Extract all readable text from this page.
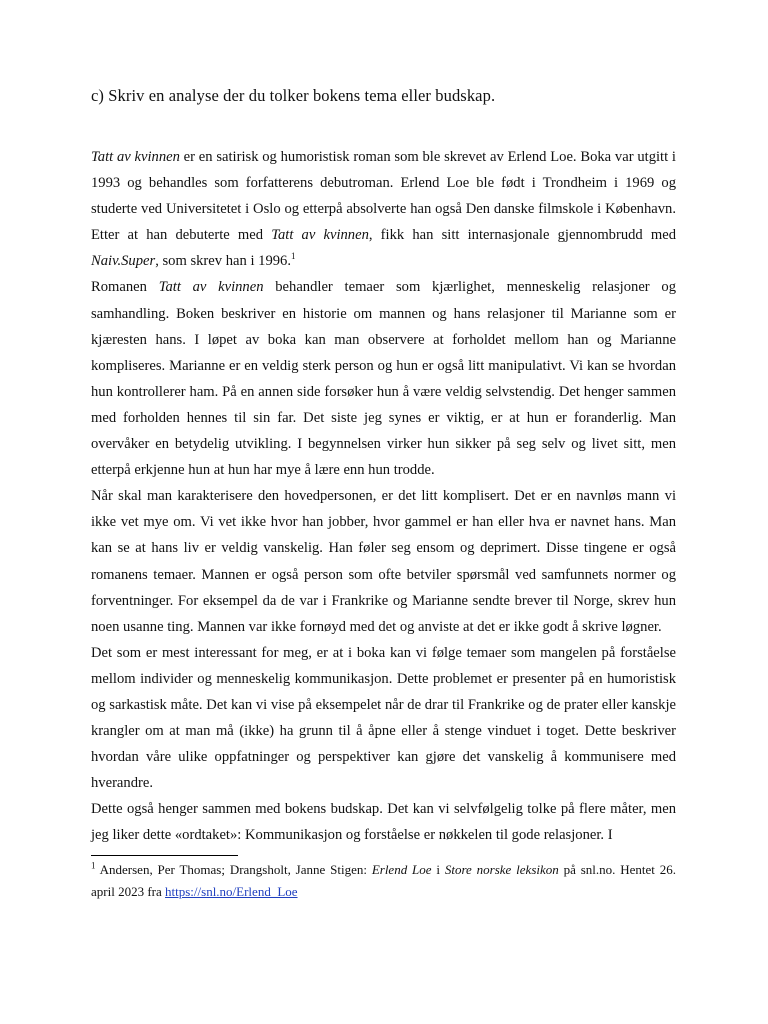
c) Skriv en analyse der du tolker bokens tema eller budskap.

Tatt av kvinnen er en satirisk og humoristisk roman som ble skrevet av Erlend Loe. Boka var utgitt i 1993 og behandles som forfatterens debutroman. Erlend Loe ble født i Trondheim i 1969 og studerte ved Universitetet i Oslo og etterpå absolverte han også Den danske filmskole i København. Etter at han debuterte med Tatt av kvinnen, fikk han sitt internasjonale gjennombrudd med Naiv.Super, som skrev han i 1996.$^1$

Romanen Tatt av kvinnen behandler temaer som kjærlighet, menneskelig relasjoner og samhandling. Boken beskriver en historie om mannen og hans relasjoner til Marianne som er kjæresten hans. I løpet av boka kan man observere at forholdet mellom han og Marianne kompliseres. Marianne er en veldig sterk person og hun er også litt manipulativt. Vi kan se hvordan hun kontrollerer ham. På en annen side forsøker hun å være veldig selvstendig. Det henger sammen med forholden hennes til sin far. Det siste jeg synes er viktig, er at hun er foranderlig. Man overvåker en betydelig utvikling. I begynnelsen virker hun sikker på seg selv og livet sitt, men etterpå erkjenne hun at hun har mye å lære enn hun trodde.

Når skal man karakterisere den hovedpersonen, er det litt komplisert. Det er en navnløs mann vi ikke vet mye om. Vi vet ikke hvor han jobber, hvor gammel er han eller hva er navnet hans. Man kan se at hans liv er veldig vanskelig. Han føler seg ensom og deprimert. Disse tingene er også romanens temaer. Mannen er også person som ofte betviler spørsmål ved samfunnets normer og forventninger. For eksempel da de var i Frankrike og Marianne sendte brever til Norge, skrev hun noen usanne ting. Mannen var ikke fornøyd med det og anviste at det er ikke godt å skrive løgner.

Det som er mest interessant for meg, er at i boka kan vi følge temaer som mangelen på forståelse mellom individer og menneskelig kommunikasjon. Dette problemet er presenter på en humoristisk og sarkastisk måte. Det kan vi vise på eksempelet når de drar til Frankrike og de prater eller kanskje krangler om at man må (ikke) ha grunn til å åpne eller å stenge vinduet i toget. Dette beskriver hvordan våre ulike oppfatninger og perspektiver kan gjøre det vanskelig å kommunisere med hverandre.

Dette også henger sammen med bokens budskap. Det kan vi selvfølgelig tolke på flere måter, men jeg liker dette «ordtaket»: Kommunikasjon og forståelse er nøkkelen til gode relasjoner. I

$^1$ Andersen, Per Thomas; Drangsholt, Janne Stigen: Erlend Loe i Store norske leksikon på snl.no. Hentet 26. april 2023 fra https://snl.no/Erlend_Loe
